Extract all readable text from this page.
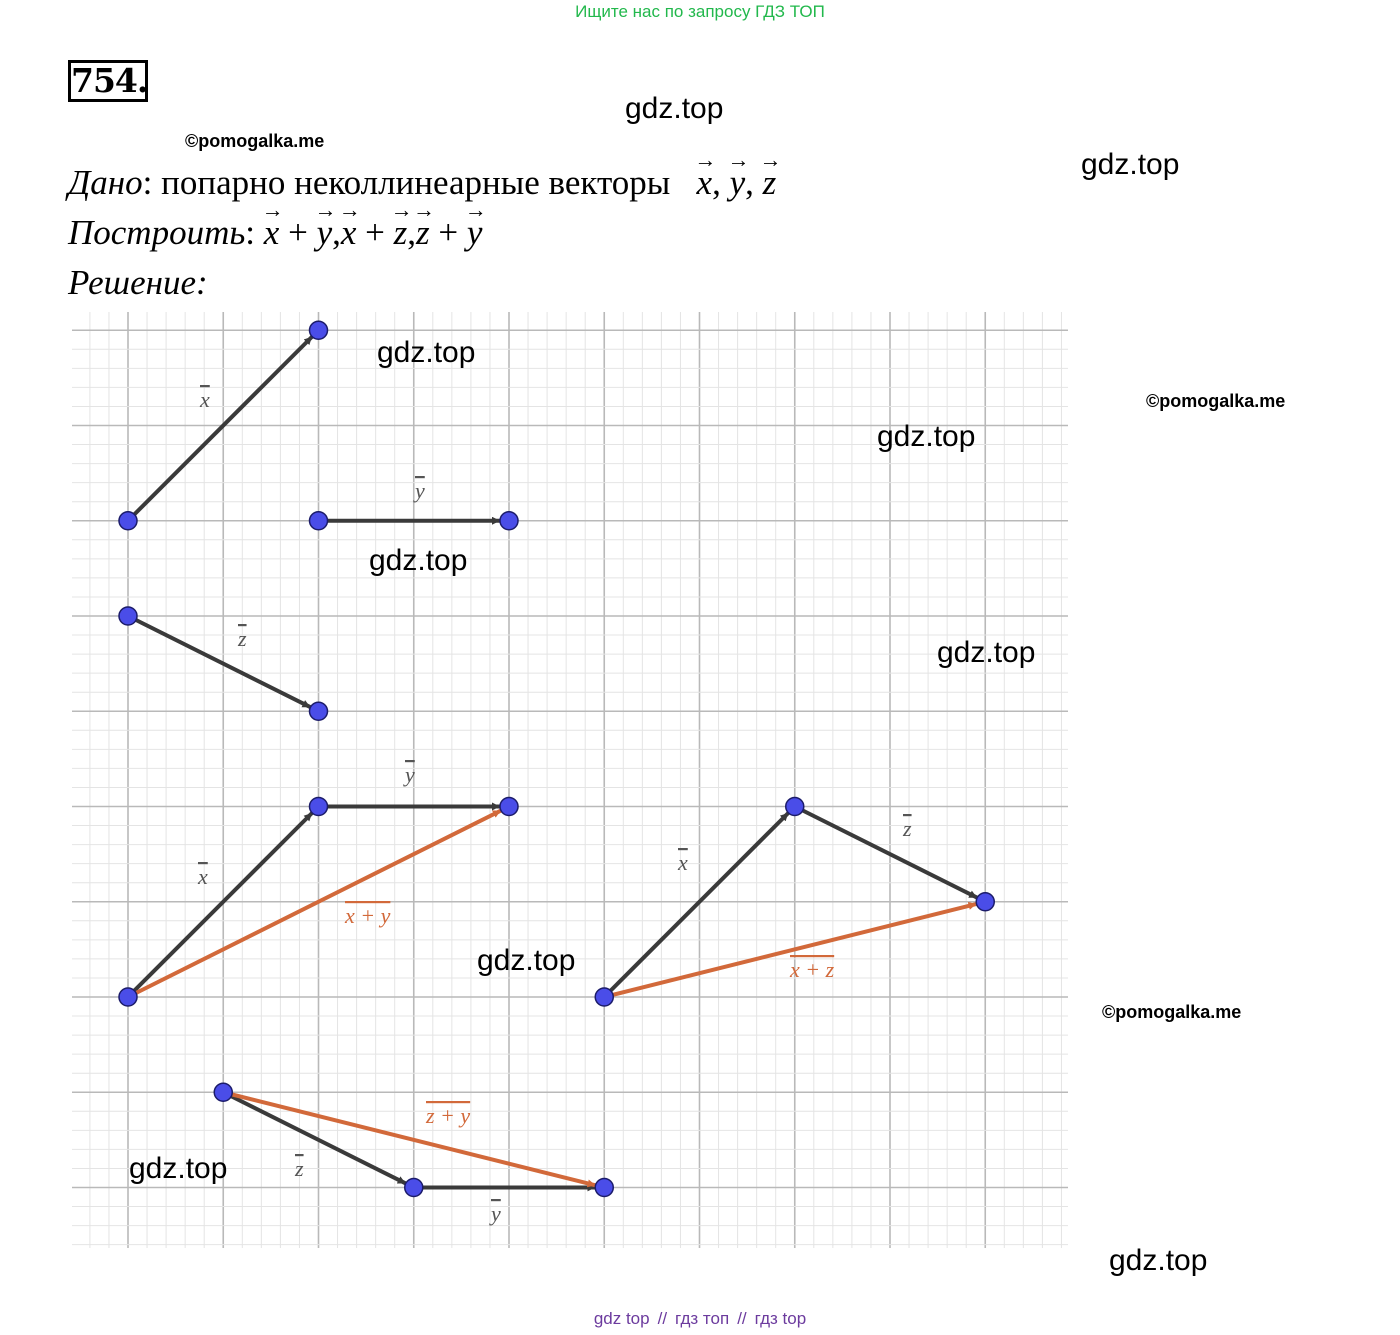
Ищите нас по запросу ГДЗ ТОП
754.
©pomogalka.me
©pomogalka.me
©pomogalka.me
Дано: попарно неколлинеарные векторы → x, → y, → z
Построить: → x + → y,→ x + → z,→ z + → y
Решение:
x
y
z
y
x
x + y
x
z
x + z
z + y
z
y
gdz.top
gdz.top
gdz.top
gdz.top
gdz.top
gdz.top
gdz.top
gdz.top
gdz.top
gdz top // гдз топ // гдз top
